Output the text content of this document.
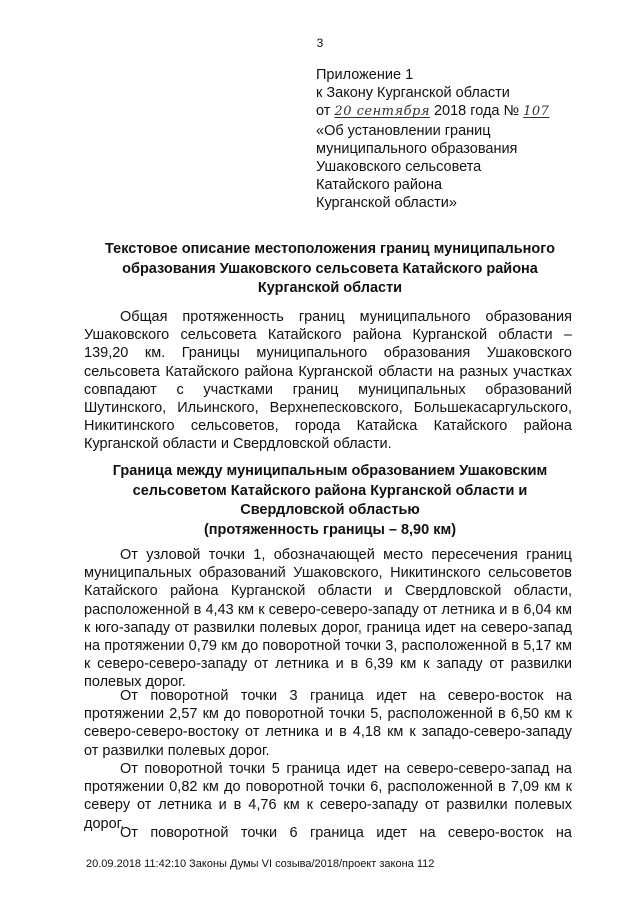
3
Приложение 1
к Закону Курганской области
от 20 сентября 2018 года № 107
«Об установлении границ
муниципального образования
Ушаковского сельсовета
Катайского района
Курганской области»
Текстовое описание местоположения границ муниципального образования Ушаковского сельсовета Катайского района Курганской области
Общая протяженность границ муниципального образования Ушаковского сельсовета Катайского района Курганской области – 139,20 км. Границы муниципального образования Ушаковского сельсовета Катайского района Курганской области на разных участках совпадают с участками границ муниципальных образований Шутинского, Ильинского, Верхнепесковского, Большекасаргульского, Никитинского сельсоветов, города Катайска Катайского района Курганской области и Свердловской области.
Граница между муниципальным образованием Ушаковским сельсоветом Катайского района Курганской области и Свердловской областью
(протяженность границы – 8,90 км)
От узловой точки 1, обозначающей место пересечения границ муниципальных образований Ушаковского, Никитинского сельсоветов Катайского района Курганской области и Свердловской области, расположенной в 4,43 км к северо-северо-западу от летника и в 6,04 км к юго-западу от развилки полевых дорог, граница идет на северо-запад на протяжении 0,79 км до поворотной точки 3, расположенной в 5,17 км к северо-северо-западу от летника и в 6,39 км к западу от развилки полевых дорог.
От поворотной точки 3 граница идет на северо-восток на протяжении 2,57 км до поворотной точки 5, расположенной в 6,50 км к северо-северо-востоку от летника и в 4,18 км к западо-северо-западу от развилки полевых дорог.
От поворотной точки 5 граница идет на северо-северо-запад на протяжении 0,82 км до поворотной точки 6, расположенной в 7,09 км к северу от летника и в 4,76 км к северо-западу от развилки полевых дорог.
От поворотной точки 6 граница идет на северо-восток на
20.09.2018 11:42:10 Законы Думы VI созыва/2018/проект закона 112
